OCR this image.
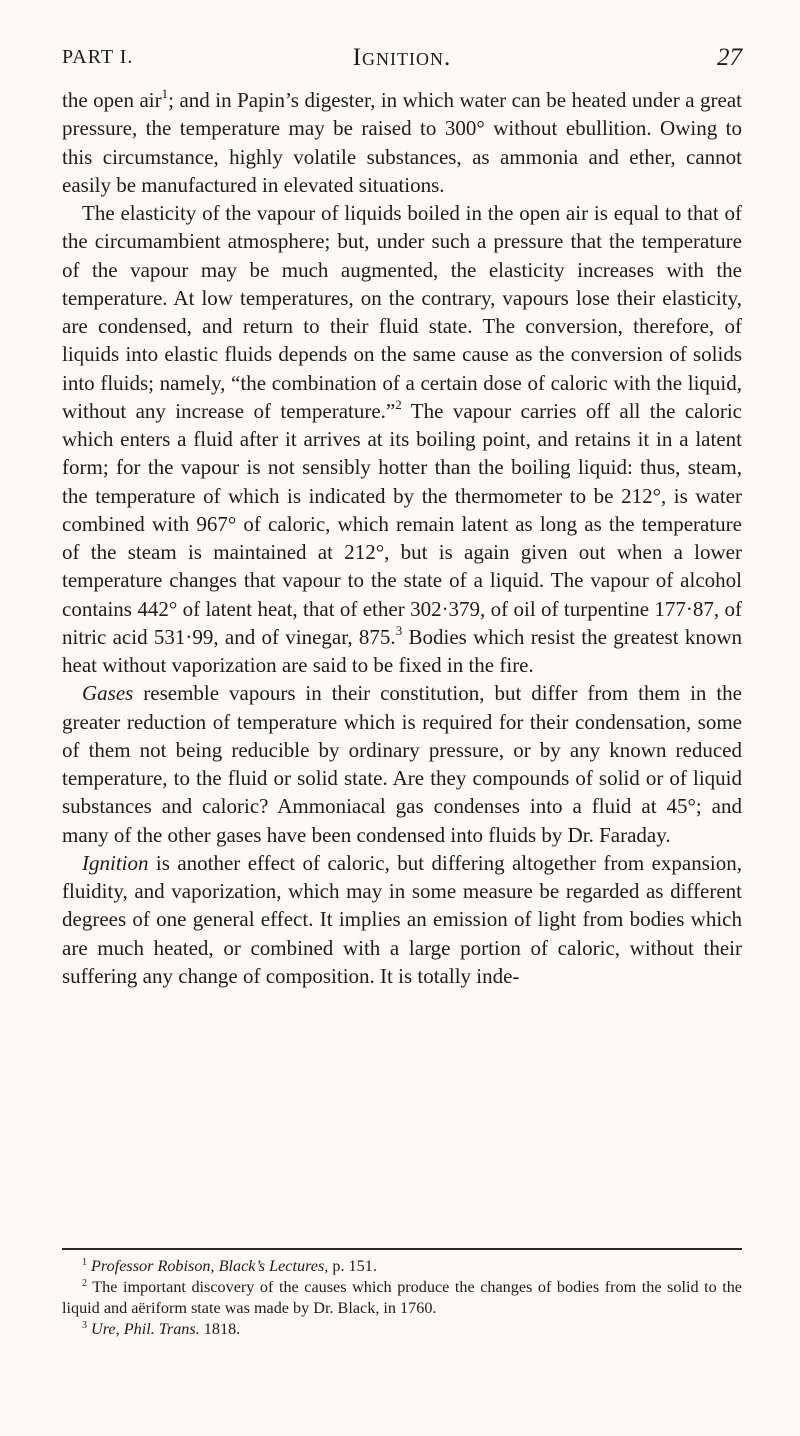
PART I.	Ignition.	27

the open air$^1$; and in Papin’s digester, in which water can be heated under a great pressure, the temperature may be raised to 300° without ebullition. Owing to this circumstance, highly volatile substances, as ammonia and ether, cannot easily be manufactured in elevated situations.

The elasticity of the vapour of liquids boiled in the open air is equal to that of the circumambient atmosphere; but, under such a pressure that the temperature of the vapour may be much augmented, the elasticity increases with the temperature. At low temperatures, on the contrary, vapours lose their elasticity, are condensed, and return to their fluid state. The conversion, therefore, of liquids into elastic fluids depends on the same cause as the conversion of solids into fluids; namely, “the combination of a certain dose of caloric with the liquid, without any increase of temperature.”$^2$ The vapour carries off all the caloric which enters a fluid after it arrives at its boiling point, and retains it in a latent form; for the vapour is not sensibly hotter than the boiling liquid: thus, steam, the temperature of which is indicated by the thermometer to be 212°, is water combined with 967° of caloric, which remain latent as long as the temperature of the steam is maintained at 212°, but is again given out when a lower temperature changes that vapour to the state of a liquid. The vapour of alcohol contains 442° of latent heat, that of ether 302·379, of oil of turpentine 177·87, of nitric acid 531·99, and of vinegar, 875.$^3$ Bodies which resist the greatest known heat without vaporization are said to be fixed in the fire.

Gases resemble vapours in their constitution, but differ from them in the greater reduction of temperature which is required for their condensation, some of them not being reducible by ordinary pressure, or by any known reduced temperature, to the fluid or solid state. Are they compounds of solid or of liquid substances and caloric? Ammoniacal gas condenses into a fluid at 45°; and many of the other gases have been condensed into fluids by Dr. Faraday.

Ignition is another effect of caloric, but differing altogether from expansion, fluidity, and vaporization, which may in some measure be regarded as different degrees of one general effect. It implies an emission of light from bodies which are much heated, or combined with a large portion of caloric, without their suffering any change of composition. It is totally inde-

$^1$ Professor Robison, Black’s Lectures, p. 151.

$^2$ The important discovery of the causes which produce the changes of bodies from the solid to the liquid and aëriform state was made by Dr. Black, in 1760.

$^3$ Ure, Phil. Trans. 1818.
